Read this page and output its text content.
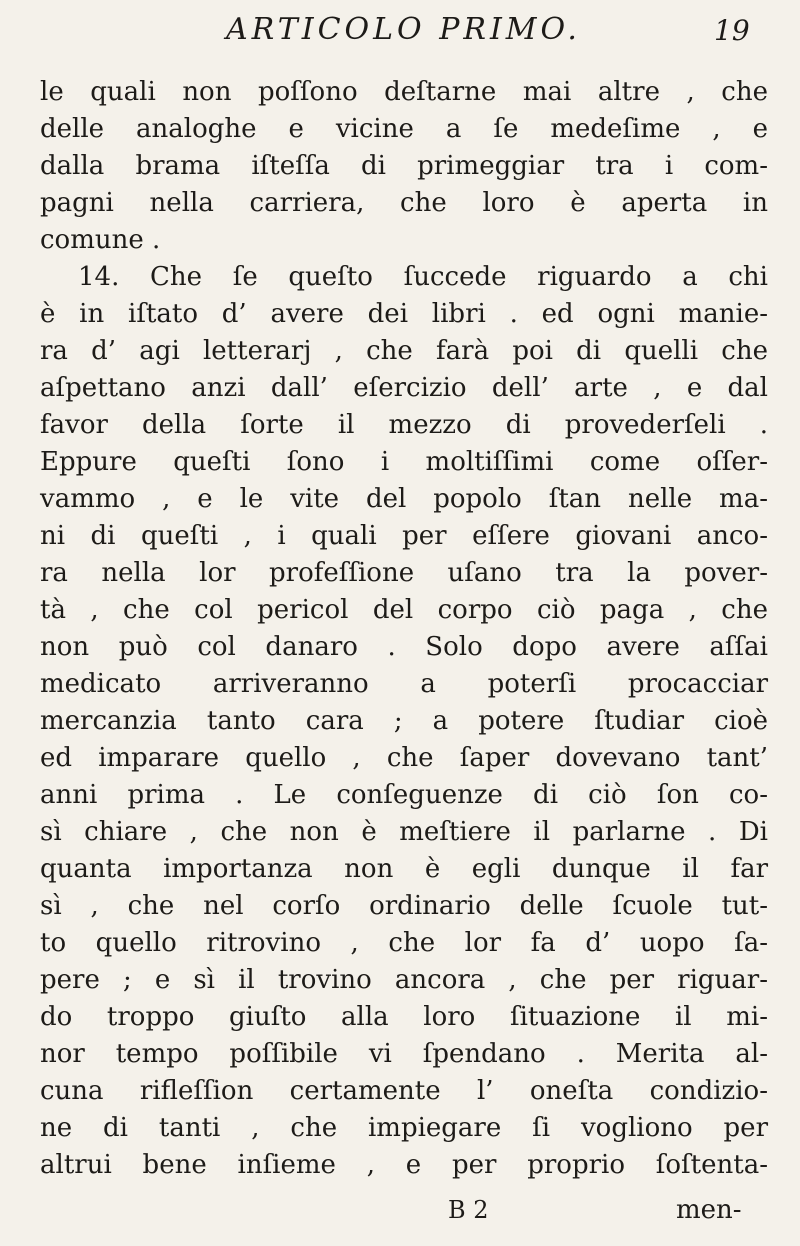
ARTICOLO PRIMO.	19
le quali non poſſono deſtarne mai altre , che
delle analoghe e vicine a ſe medeſime , e
dalla brama iſteſſa di primeggiar tra i com-
pagni nella carriera, che loro è aperta in
comune .
14. Che ſe queſto ſuccede riguardo a chi
è in iſtato d’ avere dei libri . ed ogni manie-
ra d’ agi letterarj , che farà poi di quelli che
aſpettano anzi dall’ eſercizio dell’ arte , e dal
favor della ſorte il mezzo di provederſeli .
Eppure queſti ſono i moltiſſimi come oſſer-
vammo , e le vite del popolo ſtan nelle ma-
ni di queſti , i quali per eſſere giovani anco-
ra nella lor profeſſione uſano tra la pover-
tà , che col pericol del corpo ciò paga , che
non può col danaro . Solo dopo avere aſſai
medicato arriveranno a poterſi procacciar
mercanzia tanto cara ; a potere ſtudiar cioè
ed imparare quello , che ſaper dovevano tant’
anni prima . Le conſeguenze di ciò ſon co-
sì chiare , che non è meſtiere il parlarne . Di
quanta importanza non è egli dunque il far
sì , che nel corſo ordinario delle ſcuole tut-
to quello ritrovino , che lor fa d’ uopo ſa-
pere ; e sì il trovino ancora , che per riguar-
do troppo giuſto alla loro ſituazione il mi-
nor tempo poſſibile vi ſpendano . Merita al-
cuna rifleſſion certamente l’ oneſta condizio-
ne di tanti , che impiegare ſi vogliono per
altrui bene inſieme , e per proprio ſoſtenta-
B 2	men-
